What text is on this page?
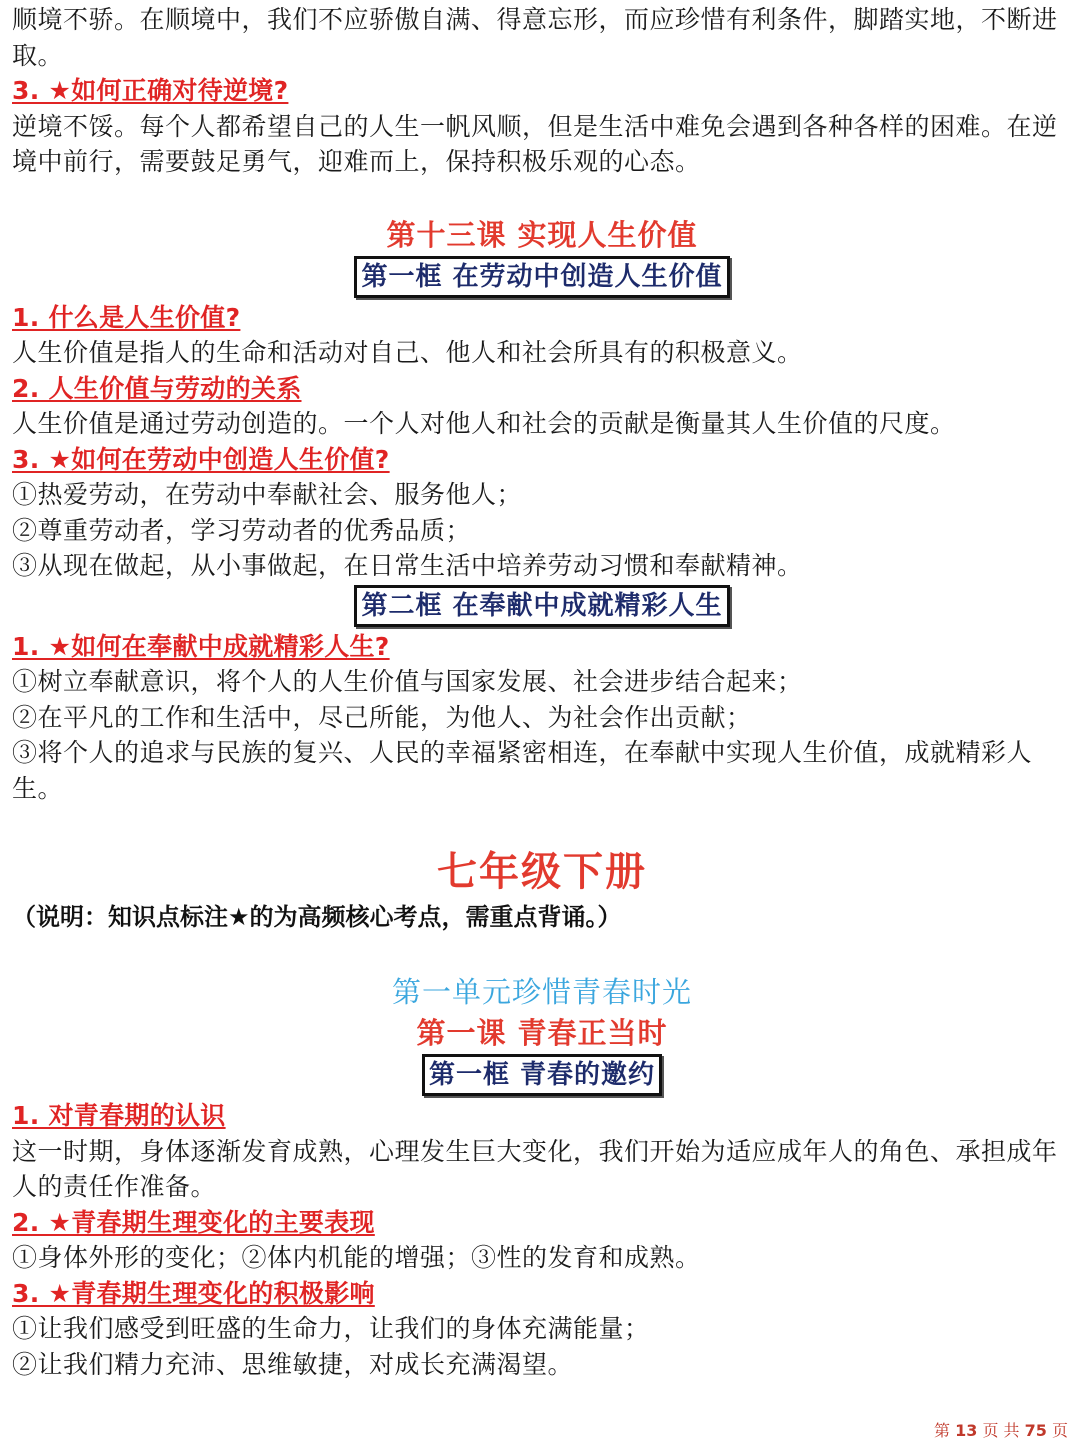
顺境不骄。在顺境中，我们不应骄傲自满、得意忘形，而应珍惜有利条件，脚踏实地，不断进取。

3. ★如何正确对待逆境?

逆境不馁。每个人都希望自己的人生一帆风顺，但是生活中难免会遇到各种各样的困难。在逆境中前行，需要鼓足勇气，迎难而上，保持积极乐观的心态。

第十三课 实现人生价值

第一框 在劳动中创造人生价值

1. 什么是人生价值?

人生价值是指人的生命和活动对自己、他人和社会所具有的积极意义。

2. 人生价值与劳动的关系

人生价值是通过劳动创造的。一个人对他人和社会的贡献是衡量其人生价值的尺度。

3. ★如何在劳动中创造人生价值?

①热爱劳动，在劳动中奉献社会、服务他人；

②尊重劳动者，学习劳动者的优秀品质；

③从现在做起，从小事做起，在日常生活中培养劳动习惯和奉献精神。

第二框 在奉献中成就精彩人生

1. ★如何在奉献中成就精彩人生?

①树立奉献意识，将个人的人生价值与国家发展、社会进步结合起来；

②在平凡的工作和生活中，尽己所能，为他人、为社会作出贡献；

③将个人的追求与民族的复兴、人民的幸福紧密相连，在奉献中实现人生价值，成就精彩人生。

七年级下册

（说明：知识点标注★的为高频核心考点，需重点背诵。）

第一单元珍惜青春时光

第一课 青春正当时

第一框 青春的邀约

1. 对青春期的认识

这一时期，身体逐渐发育成熟，心理发生巨大变化，我们开始为适应成年人的角色、承担成年人的责任作准备。

2. ★青春期生理变化的主要表现

①身体外形的变化；②体内机能的增强；③性的发育和成熟。

3. ★青春期生理变化的积极影响

①让我们感受到旺盛的生命力，让我们的身体充满能量；

②让我们精力充沛、思维敏捷，对成长充满渴望。

第 13 页 共 75 页
